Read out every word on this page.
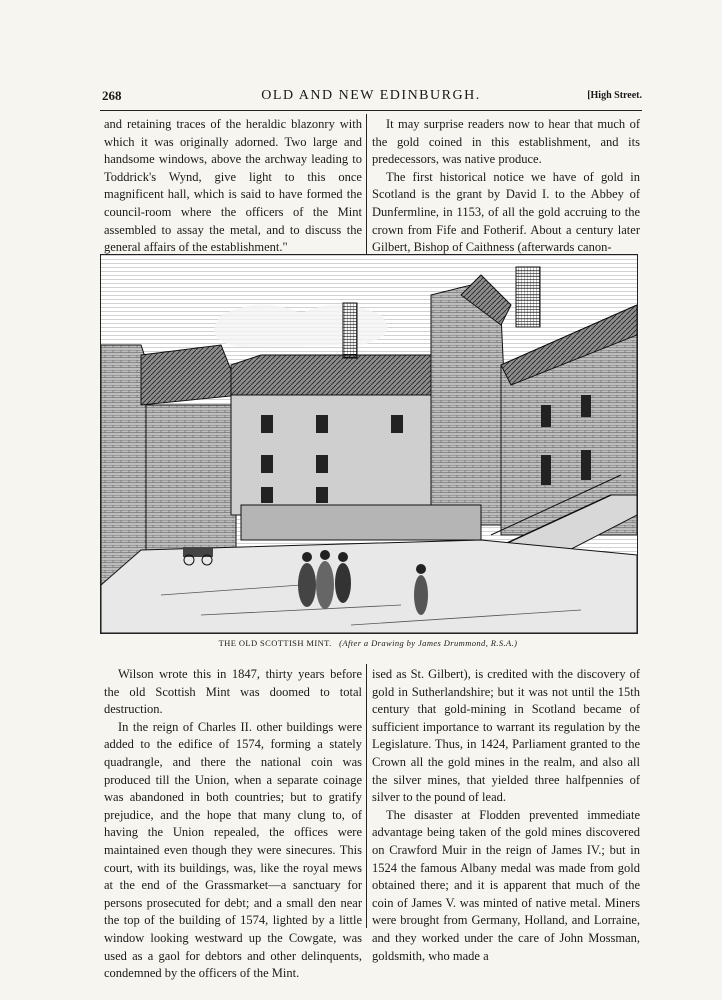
268	OLD AND NEW EDINBURGH.	[High Street.

and retaining traces of the heraldic blazonry with which it was originally adorned. Two large and handsome windows, above the archway leading to Toddrick's Wynd, give light to this once magnificent hall, which is said to have formed the council-room where the officers of the Mint assembled to assay the metal, and to discuss the general affairs of the establishment."

It may surprise readers now to hear that much of the gold coined in this establishment, and its predecessors, was native produce.

The first historical notice we have of gold in Scotland is the grant by David I. to the Abbey of Dunfermline, in 1153, of all the gold accruing to the crown from Fife and Fotherif. About a century later Gilbert, Bishop of Caithness (afterwards canon-

THE OLD SCOTTISH MINT. (After a Drawing by James Drummond, R.S.A.)

Wilson wrote this in 1847, thirty years before the old Scottish Mint was doomed to total destruction.

In the reign of Charles II. other buildings were added to the edifice of 1574, forming a stately quadrangle, and there the national coin was produced till the Union, when a separate coinage was abandoned in both countries; but to gratify prejudice, and the hope that many clung to, of having the Union repealed, the offices were maintained even though they were sinecures. This court, with its buildings, was, like the royal mews at the end of the Grassmarket—a sanctuary for persons prosecuted for debt; and a small den near the top of the building of 1574, lighted by a little window looking westward up the Cowgate, was used as a gaol for debtors and other delinquents, condemned by the officers of the Mint.

ised as St. Gilbert), is credited with the discovery of gold in Sutherlandshire; but it was not until the 15th century that gold-mining in Scotland became of sufficient importance to warrant its regulation by the Legislature. Thus, in 1424, Parliament granted to the Crown all the gold mines in the realm, and also all the silver mines, that yielded three halfpennies of silver to the pound of lead.

The disaster at Flodden prevented immediate advantage being taken of the gold mines discovered on Crawford Muir in the reign of James IV.; but in 1524 the famous Albany medal was made from gold obtained there; and it is apparent that much of the coin of James V. was minted of native metal. Miners were brought from Germany, Holland, and Lorraine, and they worked under the care of John Mossman, goldsmith, who made a
